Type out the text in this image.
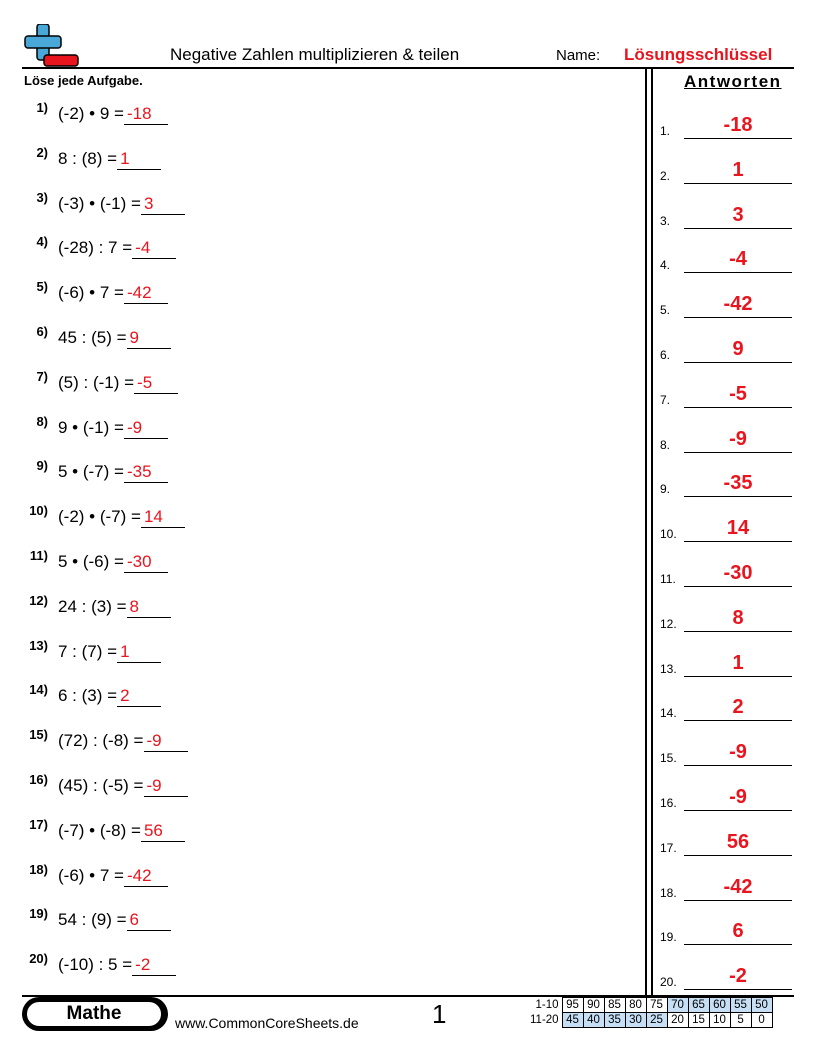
Negative Zahlen multiplizieren & teilen	Name: Lösungsschlüssel
Löse jede Aufgabe.	Antworten
1) (-2) • 9 = -18
2) 8 : (8) = 1
3) (-3) • (-1) = 3
4) (-28) : 7 = -4
5) (-6) • 7 = -42
6) 45 : (5) = 9
7) (5) : (-1) = -5
8) 9 • (-1) = -9
9) 5 • (-7) = -35
10) (-2) • (-7) = 14
11) 5 • (-6) = -30
12) 24 : (3) = 8
13) 7 : (7) = 1
14) 6 : (3) = 2
15) (72) : (-8) = -9
16) (45) : (-5) = -9
17) (-7) • (-8) = 56
18) (-6) • 7 = -42
19) 54 : (9) = 6
20) (-10) : 5 = -2
1.	-18
2.	1
3.	3
4.	-4
5.	-42
6.	9
7.	-5
8.	-9
9.	-35
10.	14
11.	-30
12.	8
13.	1
14.	2
15.	-9
16.	-9
17.	56
18.	-42
19.	6
20.	-2
Mathe	www.CommonCoreSheets.de	1	1-10	95	90	85	80	75	70	65	60	55	50
11-20	45	40	35	30	25	20	15	10	5	0
